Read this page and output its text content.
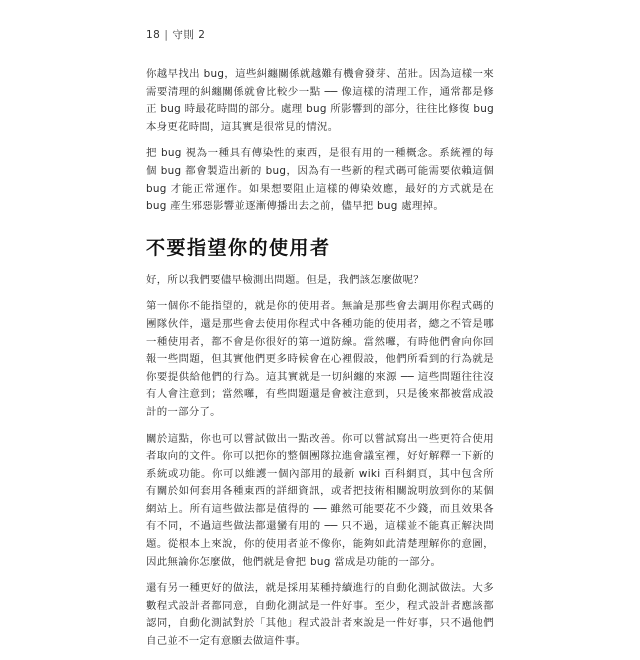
18 | 守則 2

你越早找出 bug，這些糾纏關係就越難有機會發芽、茁壯。因為這樣一來需要清理的糾纏關係就會比較少一點 ── 像這樣的清理工作，通常都是修正 bug 時最花時間的部分。處理 bug 所影響到的部分，往往比修復 bug 本身更花時間，這其實是很常見的情況。

把 bug 視為一種具有傳染性的東西，是很有用的一種概念。系統裡的每個 bug 都會製造出新的 bug，因為有一些新的程式碼可能需要依賴這個 bug 才能正常運作。如果想要阻止這樣的傳染效應，最好的方式就是在 bug 產生邪惡影響並逐漸傳播出去之前，儘早把 bug 處理掉。

不要指望你的使用者

好，所以我們要儘早檢測出問題。但是，我們該怎麼做呢？

第一個你不能指望的，就是你的使用者。無論是那些會去調用你程式碼的團隊伙伴，還是那些會去使用你程式中各種功能的使用者，總之不管是哪一種使用者，都不會是你很好的第一道防線。當然囉，有時他們會向你回報一些問題，但其實他們更多時候會在心裡假設，他們所看到的行為就是你要提供給他們的行為。這其實就是一切糾纏的來源 ── 這些問題往往沒有人會注意到；當然囉，有些問題還是會被注意到，只是後來都被當成設計的一部分了。

關於這點，你也可以嘗試做出一點改善。你可以嘗試寫出一些更符合使用者取向的文件。你可以把你的整個團隊拉進會議室裡，好好解釋一下新的系統或功能。你可以維護一個內部用的最新 wiki 百科網頁，其中包含所有關於如何套用各種東西的詳細資訊，或者把技術相關說明放到你的某個網站上。所有這些做法都是值得的 ── 雖然可能要花不少錢，而且效果各有不同，不過這些做法都還蠻有用的 ── 只不過，這樣並不能真正解決問題。從根本上來說，你的使用者並不像你，能夠如此清楚理解你的意圖，因此無論你怎麼做，他們就是會把 bug 當成是功能的一部分。

還有另一種更好的做法，就是採用某種持續進行的自動化測試做法。大多數程式設計者都同意，自動化測試是一件好事。至少，程式設計者應該都認同，自動化測試對於「其他」程式設計者來說是一件好事，只不過他們自己並不一定有意願去做這件事。
